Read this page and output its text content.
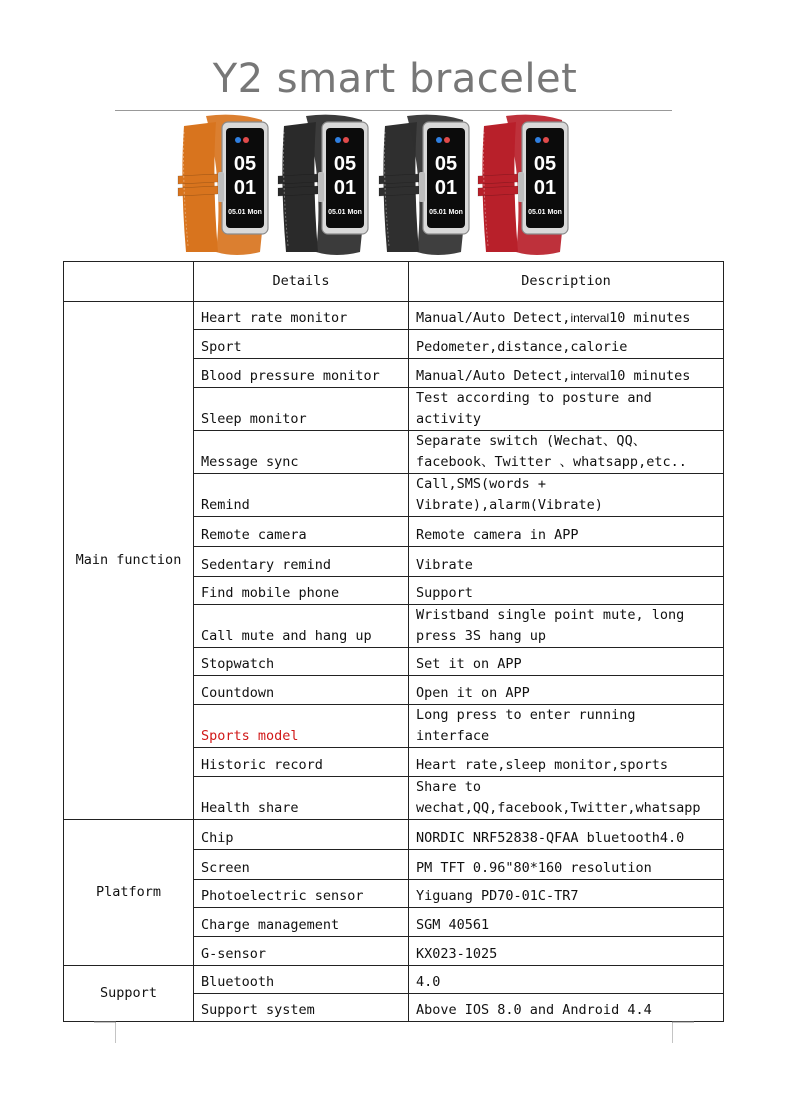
Y2 smart bracelet
05
01
05.01 Mon
05
01
05.01 Mon
05
01
05.01 Mon
05
01
05.01 Mon
	Details	Description
Main function	Heart rate monitor	Manual/Auto Detect,interval10 minutes
	Sport	Pedometer,distance,calorie
	Blood pressure monitor	Manual/Auto Detect,interval10 minutes
	Sleep monitor	Test according to posture and activity
	Message sync	Separate switch (Wechat、QQ、facebook、Twitter 、whatsapp,etc..
	Remind	Call,SMS(words + Vibrate),alarm(Vibrate)
	Remote camera	Remote camera in APP
	Sedentary remind	Vibrate
	Find mobile phone	Support
	Call mute and hang up	Wristband single point mute, long press 3S hang up
	Stopwatch	Set it on APP
	Countdown	Open it on APP
	Sports model	Long press to enter running interface
	Historic record	Heart rate,sleep monitor,sports
	Health share	Share to wechat,QQ,facebook,Twitter,whatsapp
Platform	Chip	NORDIC NRF52838-QFAA bluetooth4.0
	Screen	PM TFT 0.96"80*160 resolution
	Photoelectric sensor	Yiguang PD70-01C-TR7
	Charge management	SGM 40561
	G-sensor	KX023-1025
Support	Bluetooth	4.0
	Support system	Above IOS 8.0 and Android 4.4
